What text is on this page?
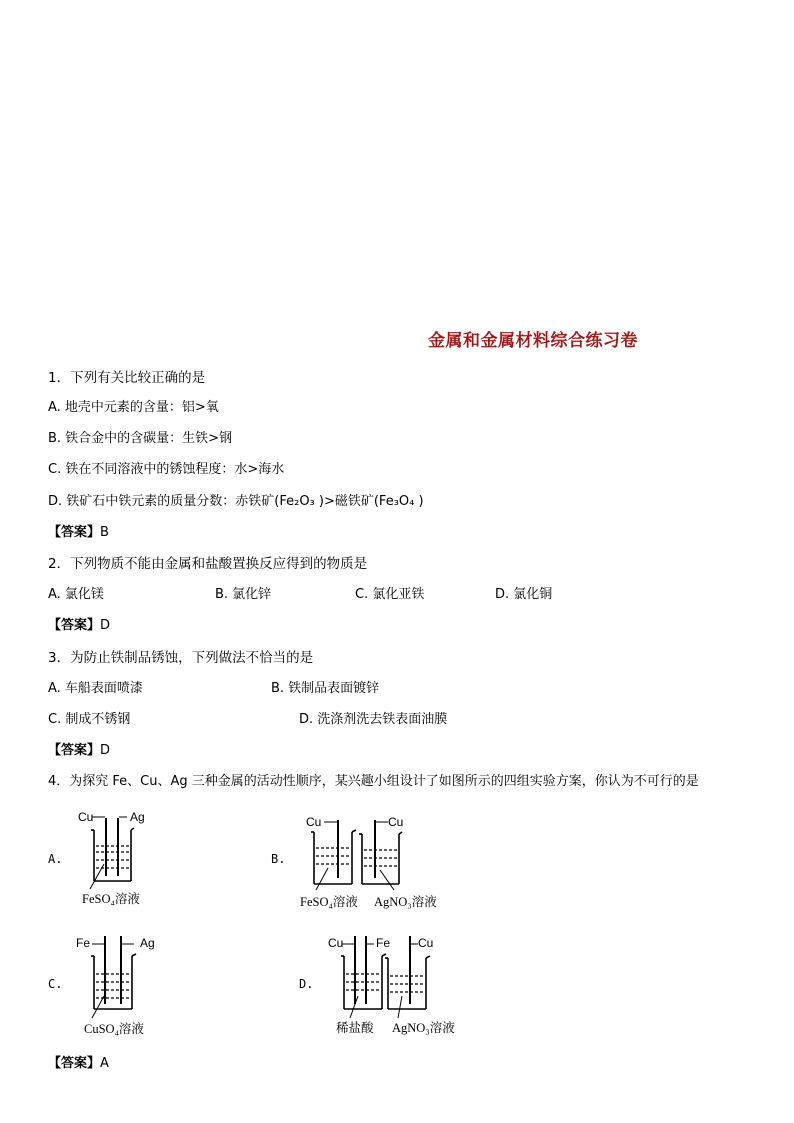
金属和金属材料综合练习卷
1．下列有关比较正确的是
A. 地壳中元素的含量：铝>氧
B. 铁合金中的含碳量：生铁>钢
C. 铁在不同溶液中的锈蚀程度：水>海水
D. 铁矿石中铁元素的质量分数：赤铁矿(Fe₂O₃ )>磁铁矿(Fe₃O₄ )
【答案】B
2．下列物质不能由金属和盐酸置换反应得到的物质是
A. 氯化镁	B. 氯化锌	C. 氯化亚铁	D. 氯化铜
【答案】D
3．为防止铁制品锈蚀，下列做法不恰当的是
A. 车船表面喷漆	B. 铁制品表面镀锌
C. 制成不锈钢	D. 洗涤剂洗去铁表面油膜
【答案】D
4．为探究 Fe、Cu、Ag 三种金属的活动性顺序，某兴趣小组设计了如图所示的四组实验方案，你认为不可行的是
A.
Cu	Ag
FeSO₄溶液
B.
Cu	Cu
FeSO₄溶液 AgNO₃溶液
C.
Fe	Ag
CuSO₄溶液
D.
Cu	Fe Cu
稀盐酸 AgNO₃溶液
【答案】A
